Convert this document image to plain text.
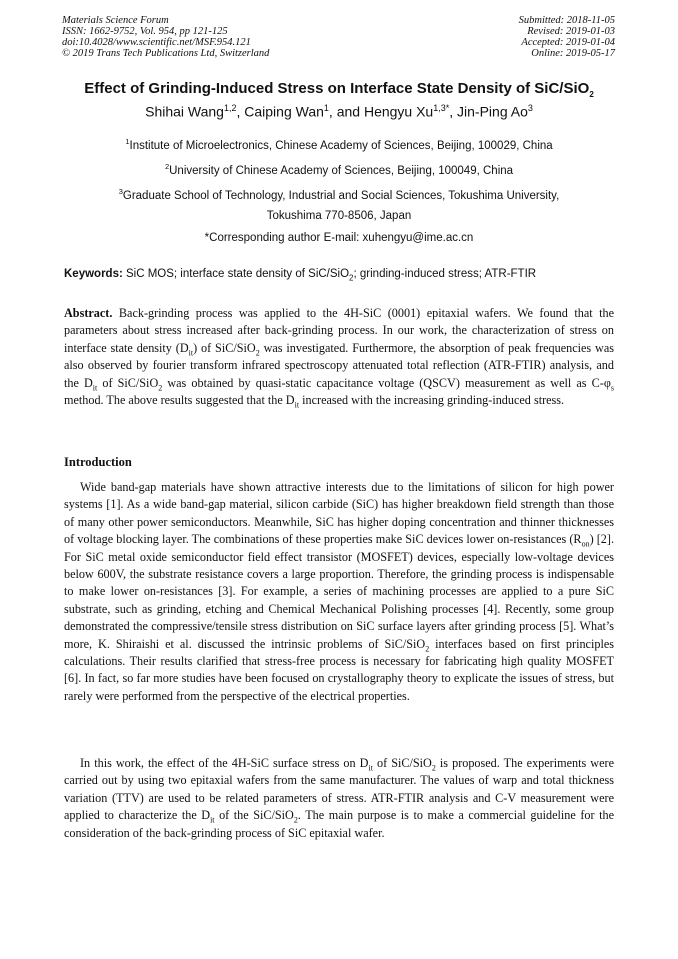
Materials Science Forum
ISSN: 1662-9752, Vol. 954, pp 121-125
doi:10.4028/www.scientific.net/MSF.954.121
© 2019 Trans Tech Publications Ltd, Switzerland
Submitted: 2018-11-05
Revised: 2019-01-03
Accepted: 2019-01-04
Online: 2019-05-17
Effect of Grinding-Induced Stress on Interface State Density of SiC/SiO$_2$
Shihai Wang$^{1,2}$, Caiping Wan$^1$, and Hengyu $Xu^{1,3*}$, Jin-Ping Ao$^3$
$^1$Institute of Microelectronics, Chinese Academy of Sciences, Beijing, 100029, China
$^2$University of Chinese Academy of Sciences, Beijing, 100049, China
$^3$Graduate School of Technology, Industrial and Social Sciences, Tokushima University,
Tokushima 770-8506, Japan
*Corresponding author E-mail: xuhengyu@ime.ac.cn
Keywords: SiC MOS; interface state density of SiC/SiO$_2$; grinding-induced stress; ATR-FTIR
Abstract. Back-grinding process was applied to the 4H-SiC (0001) epitaxial wafers. We found that the parameters about stress increased after back-grinding process. In our work, the characterization of stress on interface state density $(D_{it})$ of SiC/SiO$_2$ was investigated. Furthermore, the absorption of peak frequencies was also observed by fourier transform infrared spectroscopy attenuated total reflection (ATR-FTIR) analysis, and the $D_{it}$ of SiC/SiO$_2$ was obtained by quasi-static capacitance voltage (QSCV) measurement as well as $C-\varphi_s$ method. The above results suggested that the $D_{it}$ increased with the increasing grinding-induced stress.
Introduction
Wide band-gap materials have shown attractive interests due to the limitations of silicon for high power systems [1]. As a wide band-gap material, silicon carbide (SiC) has higher breakdown field strength than those of many other power semiconductors. Meanwhile, SiC has higher doping concentration and thinner thicknesses of voltage blocking layer. The combinations of these properties make SiC devices lower on-resistances $(R_{on})$ [2]. For SiC metal oxide semiconductor field effect transistor (MOSFET) devices, especially low-voltage devices below 600V, the substrate resistance covers a large proportion. Therefore, the grinding process is indispensable to make lower on-resistances [3]. For example, a series of machining processes are applied to a pure SiC substrate, such as grinding, etching and Chemical Mechanical Polishing processes [4]. Recently, some group demonstrated the compressive/tensile stress distribution on SiC surface layers after grinding process [5]. What’s more, K. Shiraishi et al. discussed the intrinsic problems of SiC/SiO$_2$ interfaces based on first principles calculations. Their results clarified that stress-free process is necessary for fabricating high quality MOSFET [6]. In fact, so far more studies have been focused on crystallography theory to explicate the issues of stress, but rarely were performed from the perspective of the electrical properties.
In this work, the effect of the 4H-SiC surface stress on $D_{it}$ of SiC/SiO$_2$ is proposed. The experiments were carried out by using two epitaxial wafers from the same manufacturer. The values of warp and total thickness variation (TTV) are used to be related parameters of stress. ATR-FTIR analysis and C-V measurement were applied to characterize the $D_{it}$ of the SiC/SiO$_2$. The main purpose is to make a commercial guideline for the consideration of the back-grinding process of SiC epitaxial wafer.
